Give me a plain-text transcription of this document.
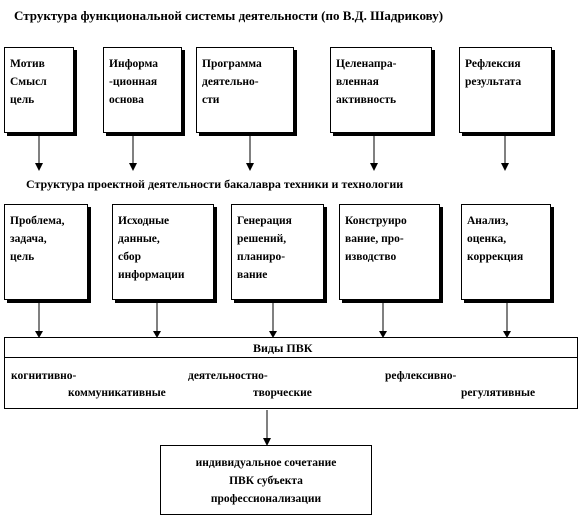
Структура функциональной системы деятельности (по В.Д. Шадрикову)
Мотив
Смысл
цель
Информа
-ционная
основа
Программа
деятельно-
сти
Целенапра-
вленная
активность
Рефлексия
результата
Структура проектной деятельности бакалавра техники и технологии
Проблема,
задача,
цель
Исходные
данные,
сбор
информации
Генерация
решений,
планиро-
вание
Конструиро
вание, про-
изводство
Анализ,
оценка,
коррекция
Виды ПВК
когнитивно-	деятельностно-	рефлексивно-
коммуникативные	творческие	регулятивные
индивидуальное сочетание
ПВК субъекта
профессионализации
